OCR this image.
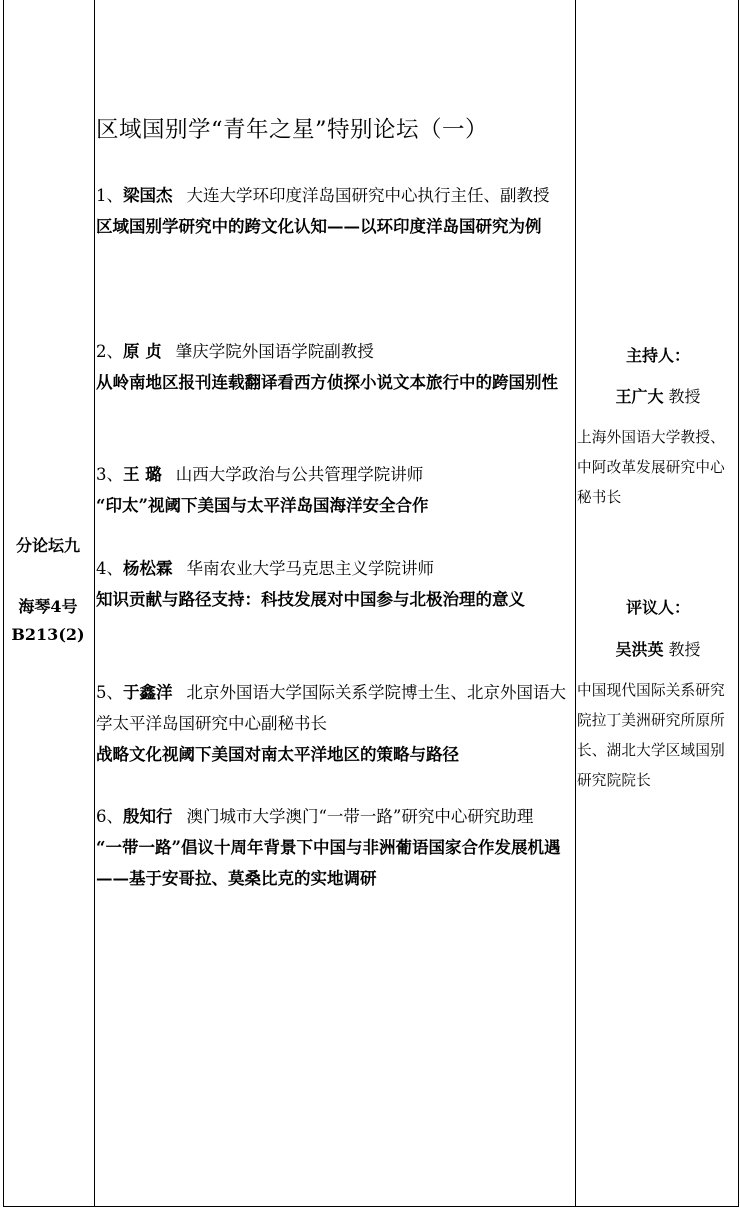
分论坛九
海琴4号
B213(2)
区域国别学“青年之星”特别论坛（一）
1、梁国杰 大连大学环印度洋岛国研究中心执行主任、副教授
区域国别学研究中的跨文化认知——以环印度洋岛国研究为例
2、原 贞 肇庆学院外国语学院副教授
从岭南地区报刊连载翻译看西方侦探小说文本旅行中的跨国别性
3、王 璐 山西大学政治与公共管理学院讲师
“印太”视阈下美国与太平洋岛国海洋安全合作
4、杨松霖 华南农业大学马克思主义学院讲师
知识贡献与路径支持：科技发展对中国参与北极治理的意义
5、于鑫洋 北京外国语大学国际关系学院博士生、北京外国语大学太平洋岛国研究中心副秘书长
战略文化视阈下美国对南太平洋地区的策略与路径
6、殷知行 澳门城市大学澳门“一带一路”研究中心研究助理
“一带一路”倡议十周年背景下中国与非洲葡语国家合作发展机遇——基于安哥拉、莫桑比克的实地调研
主持人：
王广大 教授
上海外国语大学教授、中阿改革发展研究中心秘书长
评议人：
吴洪英 教授
中国现代国际关系研究院拉丁美洲研究所原所长、湖北大学区域国别研究院院长
